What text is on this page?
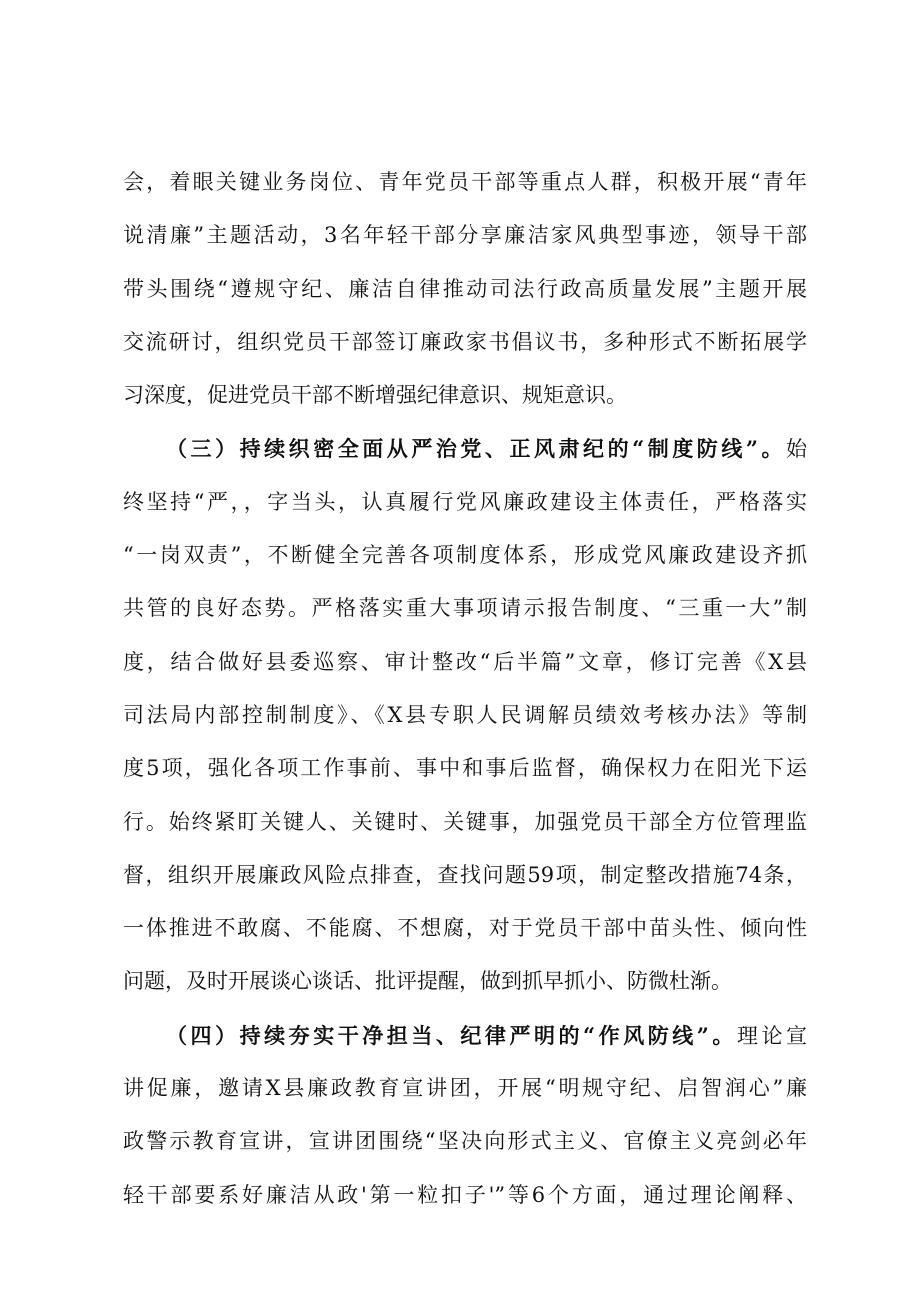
会，着眼关键业务岗位、青年党员干部等重点人群，积极开展“青年
说清廉”主题活动，3名年轻干部分享廉洁家风典型事迹，领导干部
带头围绕“遵规守纪、廉洁自律推动司法行政高质量发展”主题开展
交流研讨，组织党员干部签订廉政家书倡议书，多种形式不断拓展学
习深度，促进党员干部不断增强纪律意识、规矩意识。
（三）持续织密全面从严治党、正风肃纪的“制度防线”。始
终坚持“严，，字当头，认真履行党风廉政建设主体责任，严格落实
“一岗双责”，不断健全完善各项制度体系，形成党风廉政建设齐抓
共管的良好态势。严格落实重大事项请示报告制度、“三重一大”制
度，结合做好县委巡察、审计整改“后半篇”文章，修订完善《X县
司法局内部控制制度》、《X县专职人民调解员绩效考核办法》等制
度5项，强化各项工作事前、事中和事后监督，确保权力在阳光下运
行。始终紧盯关键人、关键时、关键事，加强党员干部全方位管理监
督，组织开展廉政风险点排查，查找问题59项，制定整改措施74条，
一体推进不敢腐、不能腐、不想腐，对于党员干部中苗头性、倾向性
问题，及时开展谈心谈话、批评提醒，做到抓早抓小、防微杜渐。
（四）持续夯实干净担当、纪律严明的“作风防线”。理论宣
讲促廉，邀请X县廉政教育宣讲团，开展“明规守纪、启智润心”廉
政警示教育宣讲，宣讲团围绕“坚决向形式主义、官僚主义亮剑必年
轻干部要系好廉洁从政'第一粒扣子'”等6个方面，通过理论阐释、
